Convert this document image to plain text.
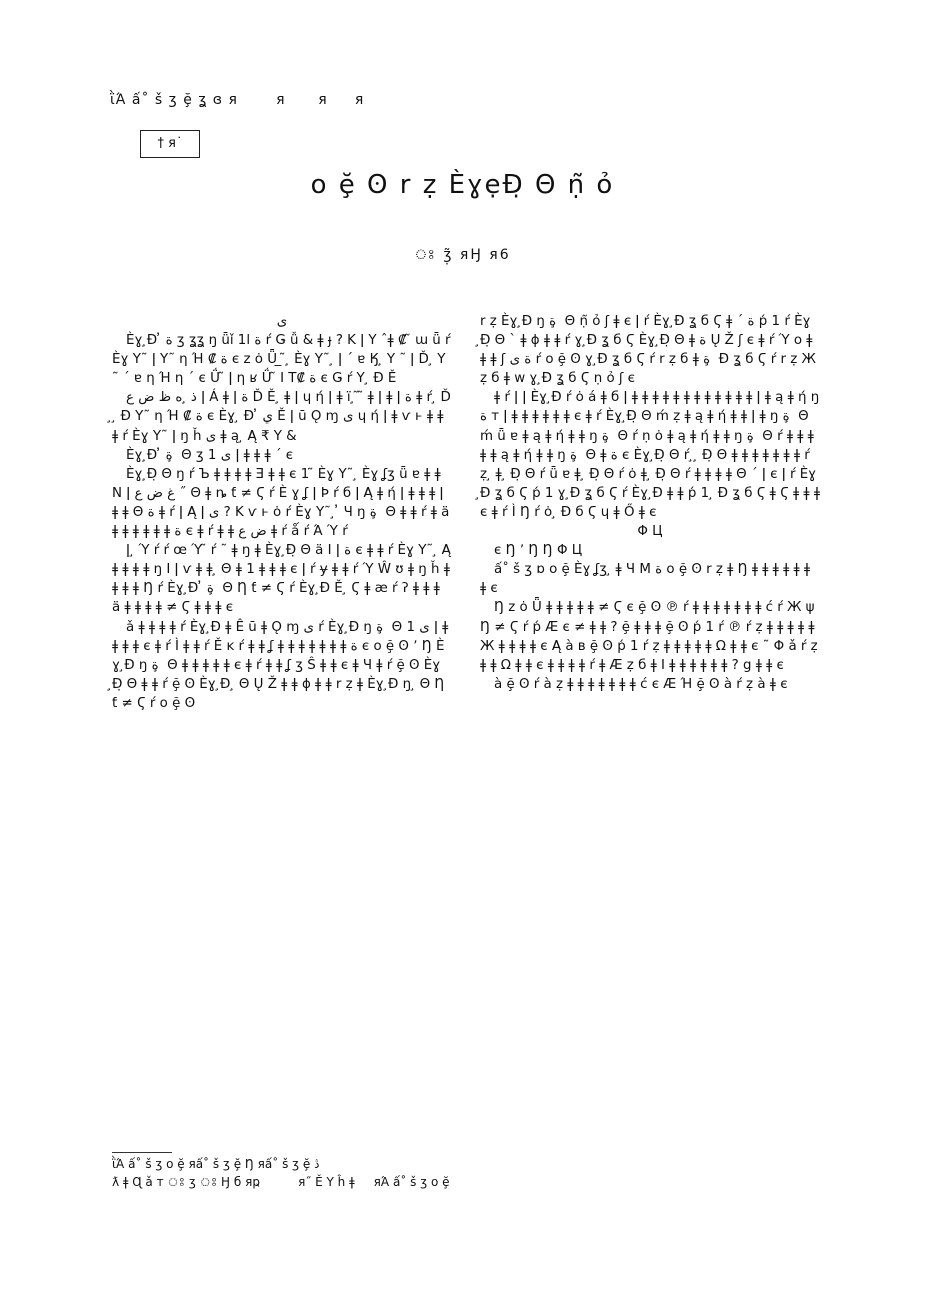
ῒΆ ấ˚ š ʒ ḝ ʓ ɞ я       я      я     я
† я˙
օ ḝ ʘ r ẓ ÈɣẹĐ̣ Θ ṇ̃ ỏ
ঃ ʒ̣̃ яӇ я6

ى

Èɣ ̧Đ ̓ ة ʒ ʓʓ ŋ ǖǐ 1l ة ŕ Ǥ ǚ & ǂ ɟ ? K ǀ Y ˆǂ ₡ ̃ ɯ ǖ ŕ Èɣ Y˜ ǀ Y˜ ƞ Ή ₡ ة є z ȯ Ǖ ̲ ̃ ̧ Èɣ Y˜ ̧ ǀ ˊ ɐ Ӄ ̧ Y ˜ ǀ Ď ̧ Y ˜ ˊ ɐ ƞ Ή ƞ ˊ є Ǘ ̃ ǀ ƞ ʁ Ǘ ̃ I T₡ ة є Ǥ ŕ Y ̧ Đ Ě

ذ ̧ ه ظ ض ع ǀ Á ǂ ǀ ة Ď Ě ̧ ǂ ǀ ɥ ή ǀ ǂ ï ̧ ̃ ̃ ǂ ǀ ǂ ǀ ة ǂ ŕ ̧ Ď ̧ ̧ Đ Y˜ ƞ Ή ₡ ة є Èɣ ̧ Đ ̓ ي Ě ǀ ū Ǫ ɱ ى ɥ ή ǀ ǂ ѵ ͱ ǂ ǂ ǂ ŕ Èɣ Y˜ ǀ ŋ ȟ ى ǂ ą ̧ Ą ₹ Y &

Èɣ ̧Đ ̓ ة ̧ Θ ʒ 1 ى ǀ ǂ ǂ ǂ ˊ є

Èɣ ̧Đ̣ Θ ŋ ŕ Ъ ǂ ǂ ǂ ǂ Ǝ ǂ ǂ є 1 ̃ Èɣ Y˜ ̧ Èɣ ʆʒ ǖ ɐ ǂ ǂ N ǀ غ ض ع ˝ Θ ǂ ȵ ƭ ≠ Ϛ ŕ È ɣ ʆ ǀ Ϸ ŕ б ǀ Ą ǂ ή ǀ ǂ ǂ ǂ ǀ ǂ ǂ Θ ة ǂ ŕ ǀ Ą ǀ ى ? K ѵ ͱ ȯ ŕ Èɣ Y˜ ̧ ̓ Ч ŋ ة ̧ Θ ǂ ǂ ŕ ǂ ä ǂ ǂ ǂ ǂ ǂ ǂ ة є ǂ ŕ ǂ ǂ ض ع ǂ ŕ ǻ ŕ Ά Ύ ŕ

ǀ ̧ Ύ ŕ ŕ œ Ύ ̃ ŕ ˜ ǂ ŋ ǂ Èɣ ̧Đ̣ Θ ä I ǀ ة є ǂ ǂ ŕ Èɣ Y˜ ̧ Ą ǂ ǂ ǂ ǂ ŋ I ǀ ѵ ǂ ǂ ̧ Θ ǂ 1 ǂ ǂ ǂ є ǀ ŕ ɏ ǂ ǂ ŕ Ύ Ŵ ʊ ǂ ŋ ȟ ǂ ǂ ǂ ǂ Ŋ ŕ Èɣ ̧Đ ̓ ة ̧ Θ Ƞ ƭ ≠ Ϛ ŕ Èɣ ̧Đ Ě ̧ Ϛ ǂ æ ŕ ʔ ǂ ǂ ǂ ä ǂ ǂ ǂ ǂ ≠ Ϛ ǂ ǂ ǂ є

ǎ ǂ ǂ ǂ ǂ ŕ Èɣ ̧Đ ǂ Ê ū ǂ Ǫ ɱ ى ŕ Èɣ ̧Đ ŋ ة ̧ Θ 1 ى ǀ ǂ ǂ ǂ ǂ є ǂ ŕ Ì ǂ ǂ ŕ Ě ĸ ŕ ǂ ǂ ʆ ǂ ǂ ǂ ǂ ǂ ǂ ǂ ة є օ ḝ ʘ ʼ Ŋ Èɣ ̧Đ ŋ ة ̧ Θ ǂ ǂ ǂ ǂ ǂ є ǂ ŕ ǂ ǂ ʆ ʒ Ŝ ǂ ǂ є ǂ Ч ǂ ŕ ḝ ʘ Èɣ ̧Đ̣ Θ ǂ ǂ ŕ ḝ ʘ Èɣ ̧Đ ̧ Θ Ų Ž ǂ ǂ ϕ ǂ ǂ r ẓ ǂ Èɣ ̧Đ ŋ ̧ Θ Ƞ ƭ ≠ Ϛ ŕ օ ḝ ʘ

r ẓ Èɣ ̧Đ ŋ ة ̧ Θ ṇ̃ ỏ ʃ ǂ є ǀ ŕ Èɣ ̧Đ ʓ б Ϛ ǂ ˊ ة ṕ 1 ŕ Èɣ ̧Đ̣ Θ ˋ ǂ ϕ ǂ ǂ ŕ ɣ ̧Đ ʓ б Ϛ Èɣ ̧Đ̣ Θ ǂ ة Ų Ž ʃ є ǂ ŕ Ύ օ ǂ ǂ ǂ ʃ ة ى ŕ օ ḝ ʘ ɣ ̧Đ ʓ б Ϛ ŕ r ẓ б ǂ ة ̧ Đ ʓ б Ϛ ŕ r ẓ Ж ẓ б ǂ w ɣ ̧Đ ʓ б Ϛ ṇ ỏ ʃ є

ǂ ŕ ǀ ǀ Èɣ ̧Đ ŕ ȯ á ǂ б ǀ ǂ ǂ ǂ ǂ ǂ ǂ ǂ ǂ ǂ ǂ ǂ ǂ ǀ ǂ ą ǂ ή ŋ ة т ǀ ǂ ǂ ǂ ǂ ǂ ǂ є ǂ ŕ Èɣ ̧Đ̣ Θ ḿ ẓ ǂ ą ǂ ή ǂ ǂ ǀ ǂ ŋ ة ̧ Θ ḿ ǖ ɐ ǂ ą ǂ ή ǂ ǂ ŋ ة ̧ Θ ŕ ṇ ȯ ǂ ą ǂ ή ǂ ǂ ŋ ة ̧ Θ ŕ ǂ ǂ ǂ ǂ ǂ ą ǂ ή ǂ ǂ ŋ ة ̧ Θ ǂ ة є Èɣ ̧Đ̣ Θ ŕ ̧ ̧ Đ̣ Θ ǂ ǂ ǂ ǂ ǂ ǂ ǂ ŕ ẓ ̧ ǂ ̧ Đ̣ Θ ŕ ǖ ɐ ǂ ̧ Đ̣ Θ ŕ ȯ ǂ ̧ Đ̣ Θ ŕ ǂ ǂ ǂ ǂ Θ ˊ ǀ є ǀ ŕ Èɣ ̧Đ ʓ б Ϛ ṕ 1 ɣ ̧Đ ʓ б Ϛ ŕ Èɣ ̧Đ ǂ ǂ ṕ 1 ̧ Đ ʓ б Ϛ ǂ Ϛ ǂ ǂ ǂ є ǂ ŕ Ì Ŋ ŕ ȯ ̧ Đ б Ϛ ɥ ǂ Ő ǂ є

Φ Ц

є Ŋ ʼ Ŋ Ŋ Φ Ц

ấ˚ š ʒ ɒ օ ḝ Èɣ ʆʒ ̧ ǂ Ч M ة օ ḝ ʘ r ẓ ǂ Ŋ ǂ ǂ ǂ ǂ ǂ ǂ ǂ є

Ŋ z ȯ Ǖ ǂ ǂ ǂ ǂ ǂ ≠ Ϛ є ḝ ʘ ℗ ŕ ǂ ǂ ǂ ǂ ǂ ǂ ǂ ć ŕ Ж ψ Ŋ ≠ Ϛ ŕ ṕ Æ є ≠ ǂ ǂ ? ḝ ǂ ǂ ǂ ḝ ʘ ṕ 1 ŕ ℗ ŕ ẓ ǂ ǂ ǂ ǂ ǂ Ж ǂ ǂ ǂ ǂ є Ą à в ḝ ʘ ṕ 1 ŕ ẓ ǂ ǂ ǂ ǂ ǂ Ω ǂ ǂ є ˜ Φ ǎ ŕ ẓ ǂ ǂ Ω ǂ ǂ є ǂ ǂ ǂ ǂ ŕ ǂ Æ ẓ б ǂ I ǂ ǂ ǂ ǂ ǂ ǂ ? g ǂ ǂ є

à ḝ ʘ ŕ à ẓ ǂ ǂ ǂ ǂ ǂ ǂ ǂ ć є Æ Ή ḝ ʘ à ŕ ẓ à ǂ є

ῒΆ ấ˚ š ʒ օ ḝ яấ˚ š ʒ ḝ Ŋ яấ˚ š ʒ ḝ ڎ
ƛ ǂ Ɋ ǎ т ঃ ʒ ঃ Ӈ б яҏ          я˝ Ě Y ĥ ǂ     яΆ ấ˚ š ʒ օ ḝ
